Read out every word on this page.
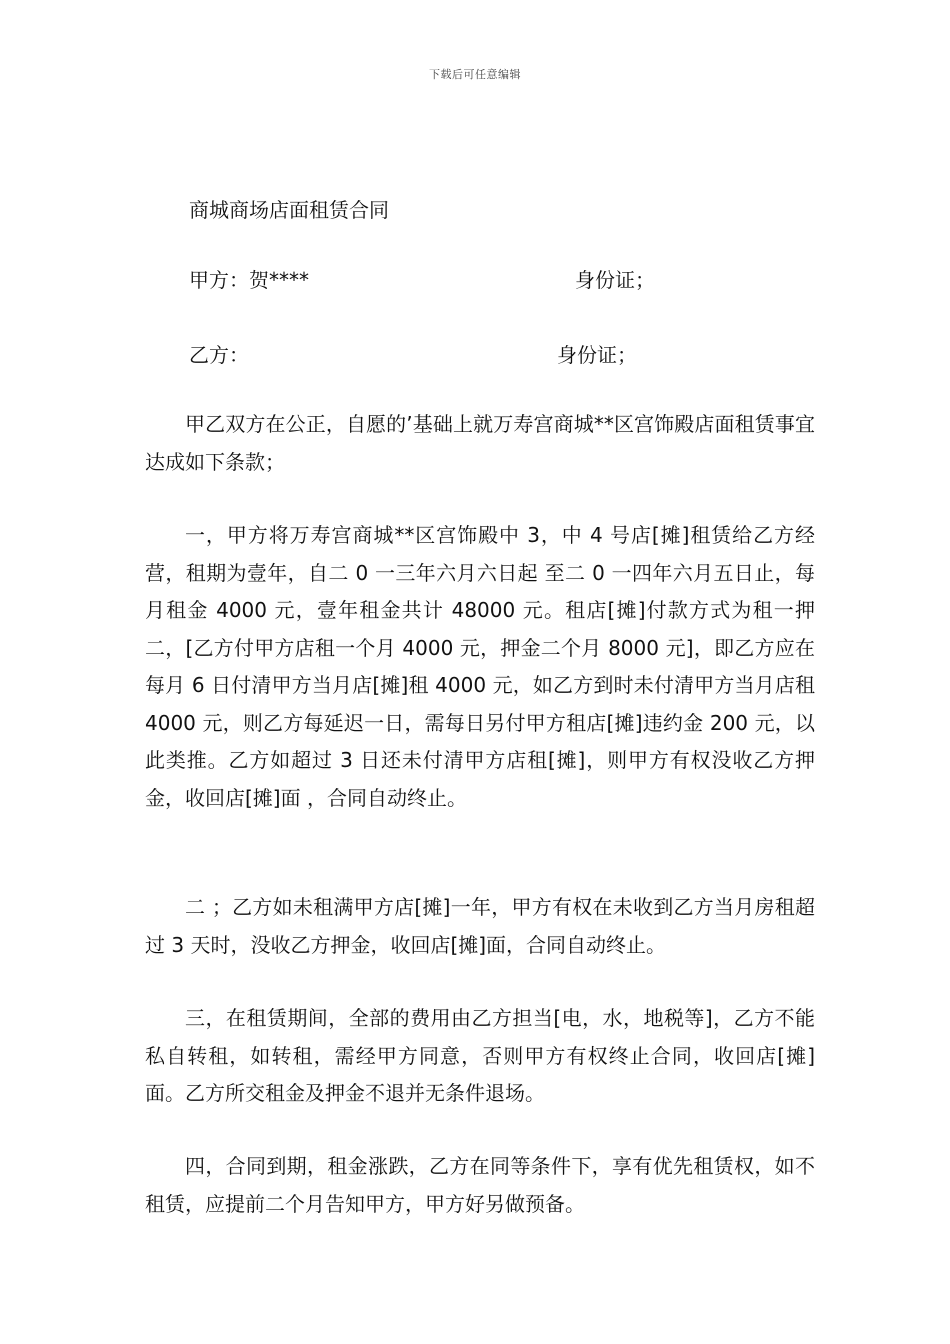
下载后可任意编辑
商城商场店面租赁合同
甲方：贺****	身份证；
乙方：	身份证；

甲乙双方在公正，自愿的’基础上就万寿宫商城**区宫饰殿店面租赁事宜达成如下条款；

一，甲方将万寿宫商城**区宫饰殿中 3，中 4 号店[摊]租赁给乙方经营，租期为壹年，自二 0 一三年六月六日起 至二 0 一四年六月五日止，每月租金 4000 元，壹年租金共计 48000 元。租店[摊]付款方式为租一押二，[乙方付甲方店租一个月 4000 元，押金二个月 8000 元]，即乙方应在每月 6 日付清甲方当月店[摊]租 4000 元，如乙方到时未付清甲方当月店租 4000 元，则乙方每延迟一日，需每日另付甲方租店[摊]违约金 200 元，以此类推。乙方如超过 3 日还未付清甲方店租[摊]，则甲方有权没收乙方押金，收回店[摊]面 ，合同自动终止。

二 ；乙方如未租满甲方店[摊]一年，甲方有权在未收到乙方当月房租超过 3 天时，没收乙方押金，收回店[摊]面，合同自动终止。

三，在租赁期间，全部的费用由乙方担当[电，水，地税等]，乙方不能私自转租，如转租，需经甲方同意，否则甲方有权终止合同，收回店[摊]面。乙方所交租金及押金不退并无条件退场。

四，合同到期，租金涨跌，乙方在同等条件下，享有优先租赁权，如不租赁，应提前二个月告知甲方，甲方好另做预备。
